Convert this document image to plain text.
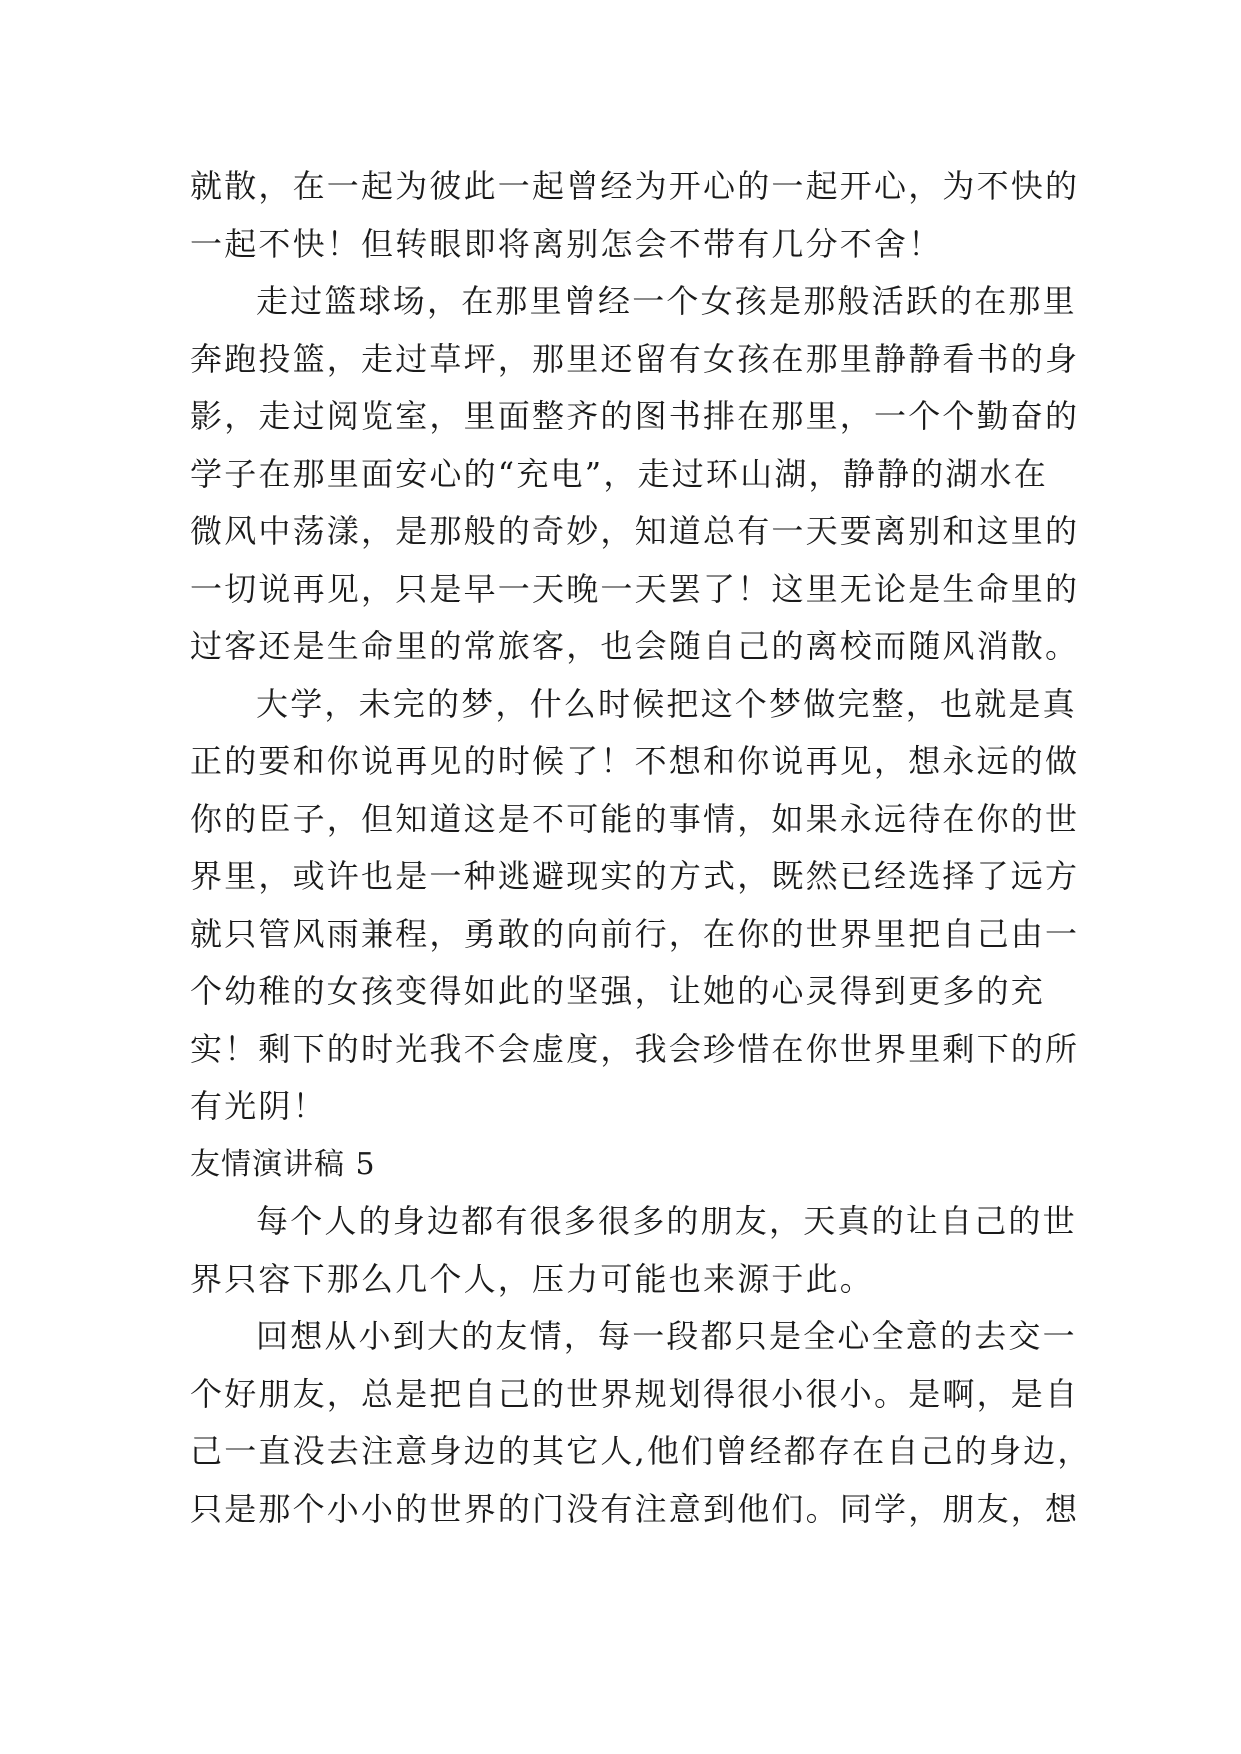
就散，在一起为彼此一起曾经为开心的一起开心，为不快的
一起不快！但转眼即将离别怎会不带有几分不舍！
走过篮球场，在那里曾经一个女孩是那般活跃的在那里
奔跑投篮，走过草坪，那里还留有女孩在那里静静看书的身
影，走过阅览室，里面整齐的图书排在那里，一个个勤奋的
学子在那里面安心的“充电”，走过环山湖，静静的湖水在
微风中荡漾，是那般的奇妙，知道总有一天要离别和这里的
一切说再见，只是早一天晚一天罢了！这里无论是生命里的
过客还是生命里的常旅客，也会随自己的离校而随风消散。
大学，未完的梦，什么时候把这个梦做完整，也就是真
正的要和你说再见的时候了！不想和你说再见，想永远的做
你的臣子，但知道这是不可能的事情，如果永远待在你的世
界里，或许也是一种逃避现实的方式，既然已经选择了远方
就只管风雨兼程，勇敢的向前行，在你的世界里把自己由一
个幼稚的女孩变得如此的坚强，让她的心灵得到更多的充
实！剩下的时光我不会虚度，我会珍惜在你世界里剩下的所
有光阴！
友情演讲稿 5
每个人的身边都有很多很多的朋友，天真的让自己的世
界只容下那么几个人，压力可能也来源于此。
回想从小到大的友情，每一段都只是全心全意的去交一
个好朋友，总是把自己的世界规划得很小很小。是啊，是自
己一直没去注意身边的其它人,他们曾经都存在自己的身边，
只是那个小小的世界的门没有注意到他们。同学，朋友，想
